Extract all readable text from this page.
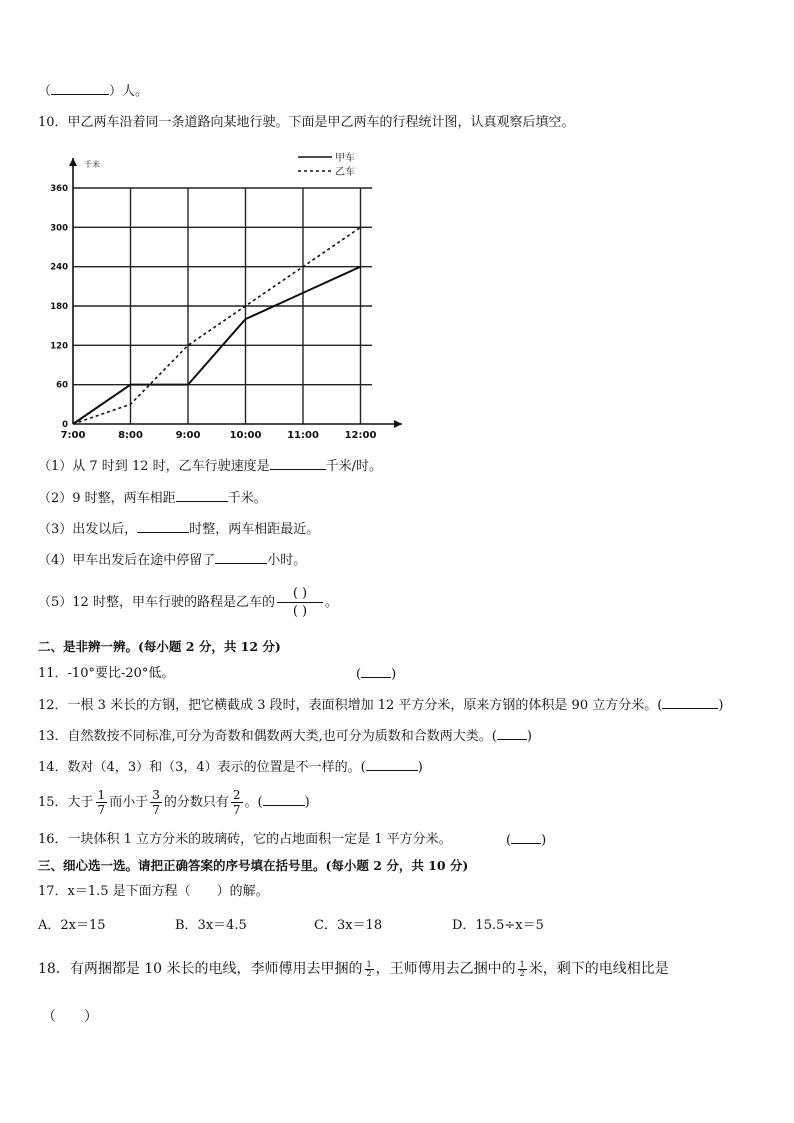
（	）人。
10．甲乙两车沿着同一条道路向某地行驶。下面是甲乙两车的行程统计图，认真观察后填空。
0
60
120
180
240
300
360
7:00	8:00	9:00	10:00	11:00	12:00
千米
甲车
乙车
（1）从 7 时到 12 时，乙车行驶速度是	千米/时。
（2）9 时整，两车相距	千米。
（3）出发以后，	时整，两车相距最近。
（4）甲车出发后在途中停留了	小时。
（5）12 时整，甲车行驶的路程是乙车的
( )
( )
。
二、是非辨一辨。(每小题 2 分，共 12 分)
11．-10°要比-20°低。	( )
12．一根 3 米长的方钢，把它横截成 3 段时，表面积增加 12 平方分米，原来方钢的体积是 90 立方分米。(	)
13．自然数按不同标准,可分为奇数和偶数两大类,也可分为质数和合数两大类。( )
14．数对（4，3）和（3，4）表示的位置是不一样的。(	)
15．大于 $\frac{1}{7}$ 而小于 $\frac{3}{7}$ 的分数只有 $\frac{2}{7}$ 。(	)
16．一块体积 1 立方分米的玻璃砖，它的占地面积一定是 1 平方分米。	( )
三、细心选一选。请把正确答案的序号填在括号里。(每小题 2 分，共 10 分)
17．x＝1.5 是下面方程（　　）的解。
A．2x＝15	B．3x＝4.5	C．3x＝18	D．15.5÷x＝5
18．有两捆都是 10 米长的电线，李师傅用去甲捆的 $\frac{1}{2}$ ，王师傅用去乙捆中的 $\frac{1}{2}$ 米，剩下的电线相比是
（　　）
